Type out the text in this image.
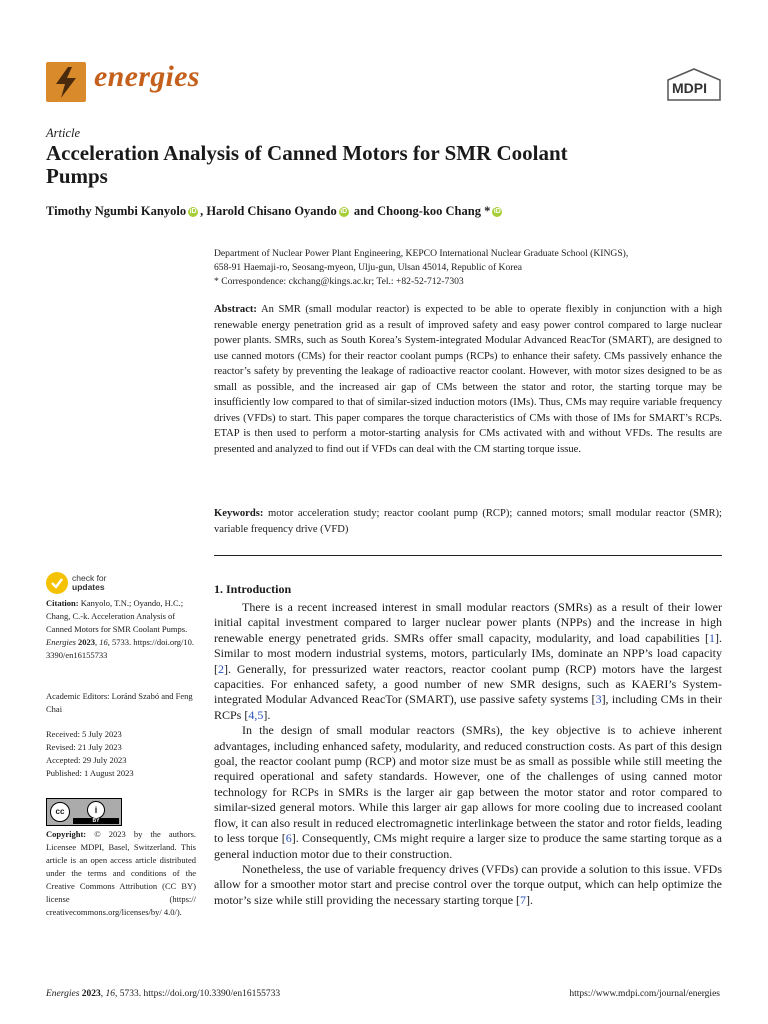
energies	MDPI
Article
Acceleration Analysis of Canned Motors for SMR Coolant Pumps
Timothy Ngumbi Kanyolo iD , Harold Chisano Oyando iD and Choong-koo Chang * iD
Department of Nuclear Power Plant Engineering, KEPCO International Nuclear Graduate School (KINGS),
658-91 Haemaji-ro, Seosang-myeon, Ulju-gun, Ulsan 45014, Republic of Korea
* Correspondence: ckchang@kings.ac.kr; Tel.: +82-52-712-7303
Abstract: An SMR (small modular reactor) is expected to be able to operate flexibly in conjunction with a high renewable energy penetration grid as a result of improved safety and easy power control compared to large nuclear power plants. SMRs, such as South Korea’s System-integrated Modular Advanced ReacTor (SMART), are designed to use canned motors (CMs) for their reactor coolant pumps (RCPs) to enhance their safety. CMs passively enhance the reactor’s safety by preventing the leakage of radioactive reactor coolant. However, with motor sizes designed to be as small as possible, and the increased air gap of CMs between the stator and rotor, the starting torque may be insufficiently low compared to that of similar-sized induction motors (IMs). Thus, CMs may require variable frequency drives (VFDs) to start. This paper compares the torque characteristics of CMs with those of IMs for SMART’s RCPs. ETAP is then used to perform a motor-starting analysis for CMs activated with and without VFDs. The results are presented and analyzed to find out if VFDs can deal with the CM starting torque issue.
Keywords: motor acceleration study; reactor coolant pump (RCP); canned motors; small modular reactor (SMR); variable frequency drive (VFD)
check for
updates
Citation: Kanyolo, T.N.; Oyando, H.C.; Chang, C.-k. Acceleration Analysis of Canned Motors for SMR Coolant Pumps. Energies 2023, 16, 5733. https://doi.org/10.3390/en16155733
Academic Editors: Loránd Szabó and Feng Chai
Received: 5 July 2023
Revised: 21 July 2023
Accepted: 29 July 2023
Published: 1 August 2023
cc	i
BY
Copyright: © 2023 by the authors. Licensee MDPI, Basel, Switzerland. This article is an open access article distributed under the terms and conditions of the Creative Commons Attribution (CC BY) license (https:// creativecommons.org/licenses/by/ 4.0/).
1. Introduction

There is a recent increased interest in small modular reactors (SMRs) as a result of their lower initial capital investment compared to larger nuclear power plants (NPPs) and the increase in high renewable energy penetrated grids. SMRs offer small capacity, modularity, and load capabilities [1]. Similar to most modern industrial systems, motors, particularly IMs, dominate an NPP’s load capacity [2]. Generally, for pressurized water reactors, reactor coolant pump (RCP) motors have the largest capacities. For enhanced safety, a good number of new SMR designs, such as KAERI’s System-integrated Modular Advanced ReacTor (SMART), use passive safety systems [3], including CMs in their RCPs [4,5].

In the design of small modular reactors (SMRs), the key objective is to achieve inherent advantages, including enhanced safety, modularity, and reduced construction costs. As part of this design goal, the reactor coolant pump (RCP) and motor size must be as small as possible while still meeting the required operational and safety standards. However, one of the challenges of using canned motor technology for RCPs in SMRs is the larger air gap between the motor stator and rotor compared to similar-sized general motors. While this larger air gap allows for more cooling due to increased coolant flow, it can also result in reduced electromagnetic interlinkage between the stator and rotor fields, leading to less torque [6]. Consequently, CMs might require a larger size to produce the same starting torque as a general induction motor due to their construction.

Nonetheless, the use of variable frequency drives (VFDs) can provide a solution to this issue. VFDs allow for a smoother motor start and precise control over the torque output, which can help optimize the motor’s size while still providing the necessary starting torque [7].

Energies 2023, 16, 5733. https://doi.org/10.3390/en16155733	https://www.mdpi.com/journal/energies
